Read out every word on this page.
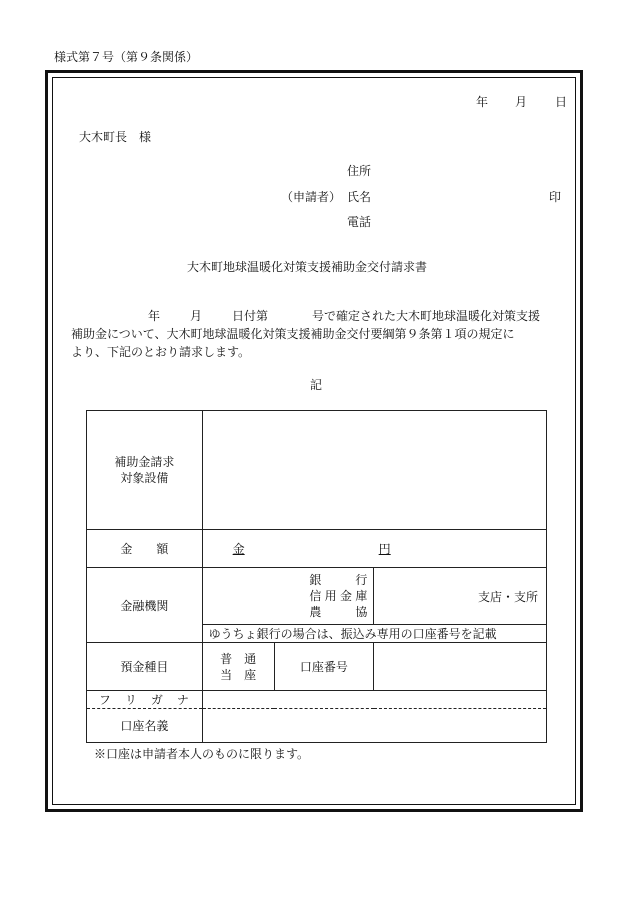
様式第７号（第９条関係）
年 月 日
大木町長　様
住所
（申請者） 氏名	印
電話
大木町地球温暖化対策支援補助金交付請求書
年 月 日付第	号で確定された大木町地球温暖化対策支援
補助金について、大木町地球温暖化対策支援補助金交付要綱第９条第１項の規定に
より、下記のとおり請求します。
記
補助金請求
対象設備			

金　　額	金 円		
金融機関	銀　行
信用金庫
農　協		支店・支所
	ゆうちょ銀行の場合は、振込み専用の口座番号を記載		
預金種目	普　通
当　座	口座番号	
フ　リ　ガ　ナ			
口座名義			
※口座は申請者本人のものに限ります。
